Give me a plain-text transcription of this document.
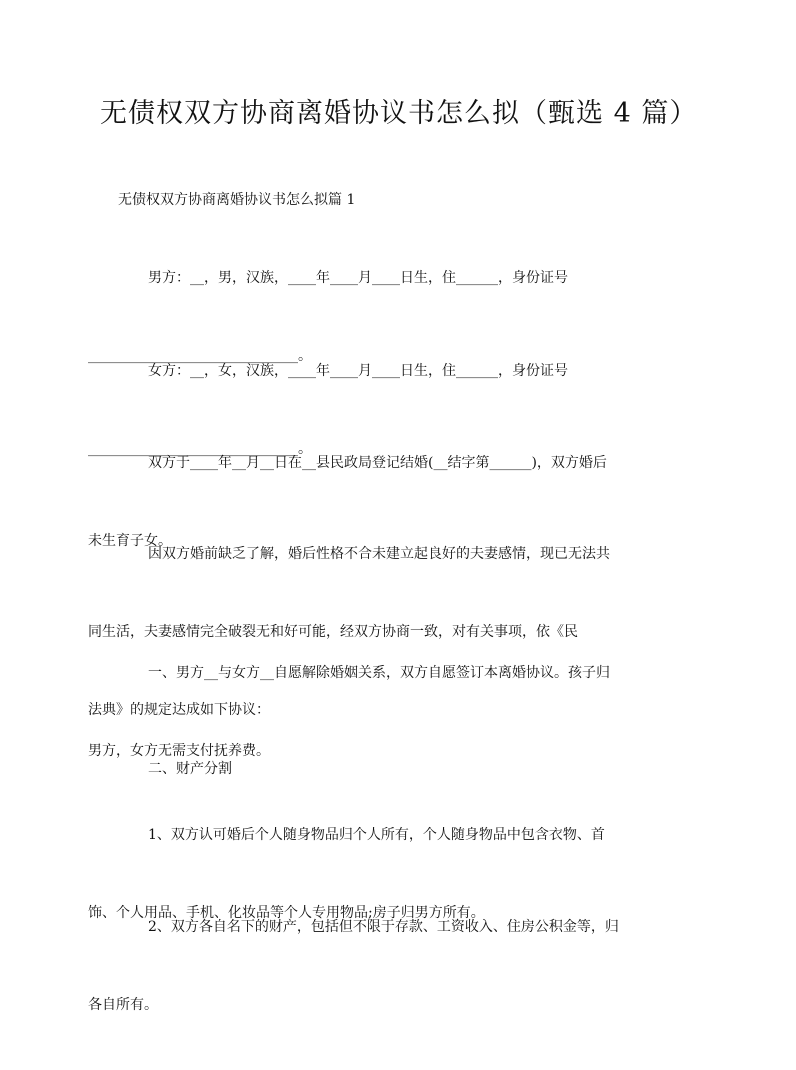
无债权双方协商离婚协议书怎么拟（甄选 4 篇）

无债权双方协商离婚协议书怎么拟篇 1

男方：__，男，汉族，____年____月____日生，住______，身份证号

______________________________。

女方：__，女，汉族，____年____月____日生，住______，身份证号

______________________________。

双方于____年__月__日在__县民政局登记结婚(__结字第______)，双方婚后

未生育子女。

因双方婚前缺乏了解，婚后性格不合未建立起良好的夫妻感情，现已无法共

同生活，夫妻感情完全破裂无和好可能，经双方协商一致，对有关事项，依《民

法典》的规定达成如下协议：

一、男方__与女方__自愿解除婚姻关系，双方自愿签订本离婚协议。孩子归

男方，女方无需支付抚养费。

二、财产分割

1、双方认可婚后个人随身物品归个人所有，个人随身物品中包含衣物、首

饰、个人用品、手机、化妆品等个人专用物品;房子归男方所有。

2、双方各自名下的财产，包括但不限于存款、工资收入、住房公积金等，归

各自所有。
